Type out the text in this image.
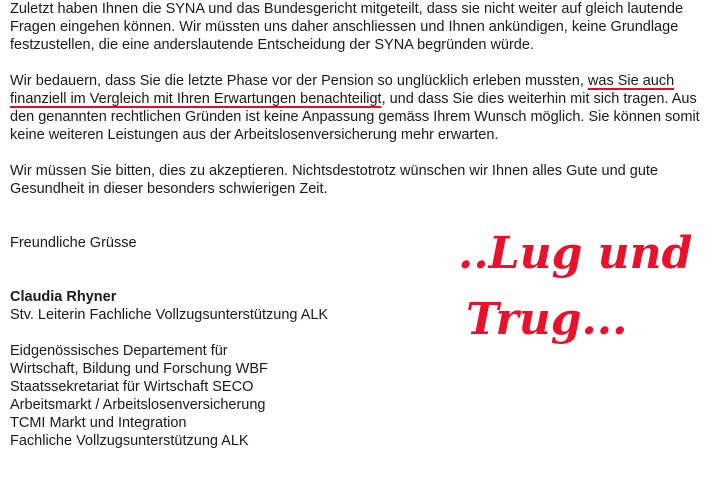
Zuletzt haben Ihnen die SYNA und das Bundesgericht mitgeteilt, dass sie nicht weiter auf gleich lautende
Fragen eingehen können. Wir müssten uns daher anschliessen und Ihnen ankündigen, keine Grundlage
festzustellen, die eine anderslautende Entscheidung der SYNA begründen würde.

Wir bedauern, dass Sie die letzte Phase vor der Pension so unglücklich erleben mussten, was Sie auch
finanziell im Vergleich mit Ihren Erwartungen benachteiligt, und dass Sie dies weiterhin mit sich tragen. Aus
den genannten rechtlichen Gründen ist keine Anpassung gemäss Ihrem Wunsch möglich. Sie können somit
keine weiteren Leistungen aus der Arbeitslosenversicherung mehr erwarten.

Wir müssen Sie bitten, dies zu akzeptieren. Nichtsdestotrotz wünschen wir Ihnen alles Gute und gute
Gesundheit in dieser besonders schwierigen Zeit.

Freundliche Grüsse

Claudia Rhyner
Stv. Leiterin Fachliche Vollzugsunterstützung ALK

Eidgenössisches Departement für
Wirtschaft, Bildung und Forschung WBF
Staatssekretariat für Wirtschaft SECO
Arbeitsmarkt / Arbeitslosenversicherung
TCMI Markt und Integration
Fachliche Vollzugsunterstützung ALK

..Lug und
Trug...
